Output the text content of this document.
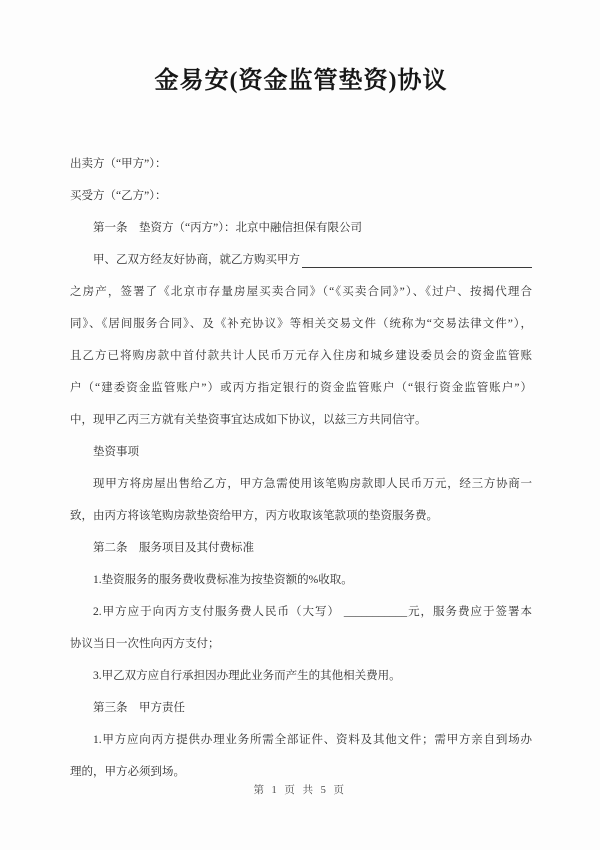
金易安(资金监管垫资)协议
出卖方（“甲方”）：
买受方（“乙方”）：
第一条　垫资方（“丙方”）：北京中融信担保有限公司
甲、乙双方经友好协商，就乙方购买甲方
之房产，签署了《北京市存量房屋买卖合同》（“《买卖合同》”）、《过户、按揭代理合
同》、《居间服务合同》、及《补充协议》等相关交易文件（统称为“交易法律文件”），
且乙方已将购房款中首付款共计人民币万元存入住房和城乡建设委员会的资金监管账
户（“建委资金监管账户”）或丙方指定银行的资金监管账户（“银行资金监管账户”）
中，现甲乙丙三方就有关垫资事宜达成如下协议，以兹三方共同信守。
垫资事项
现甲方将房屋出售给乙方，甲方急需使用该笔购房款即人民币万元，经三方协商一
致，由丙方将该笔购房款垫资给甲方，丙方收取该笔款项的垫资服务费。
第二条　服务项目及其付费标准
1.垫资服务的服务费收费标准为按垫资额的%收取。
2.甲方应于向丙方支付服务费人民币（大写） ___________元，服务费应于签署本
协议当日一次性向丙方支付；
3.甲乙双方应自行承担因办理此业务而产生的其他相关费用。
第三条　甲方责任
1.甲方应向丙方提供办理业务所需全部证件、资料及其他文件；需甲方亲自到场办
理的，甲方必须到场。
第 1 页 共 5 页
